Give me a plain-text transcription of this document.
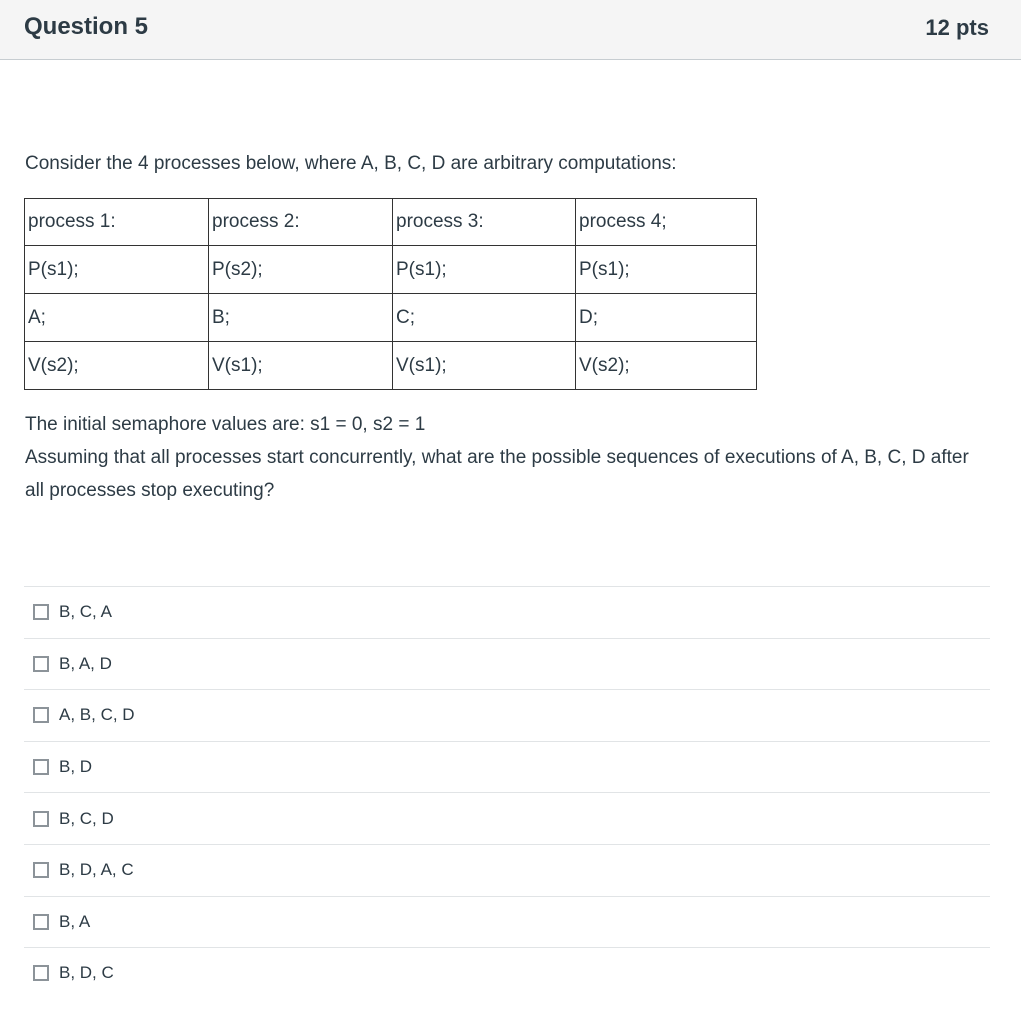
Question 5	12 pts
Consider the 4 processes below, where A, B, C, D are arbitrary computations:
process 1:	process 2:	process 3:	process 4;
P(s1);	P(s2);	P(s1);	P(s1);
A;	B;	C;	D;
V(s2);	V(s1);	V(s1);	V(s2);
The initial semaphore values are: s1 = 0, s2 = 1
Assuming that all processes start concurrently, what are the possible sequences of executions of A, B, C, D after all processes stop executing?
B, C, A
B, A, D
A, B, C, D
B, D
B, C, D
B, D, A, C
B, A
B, D, C
